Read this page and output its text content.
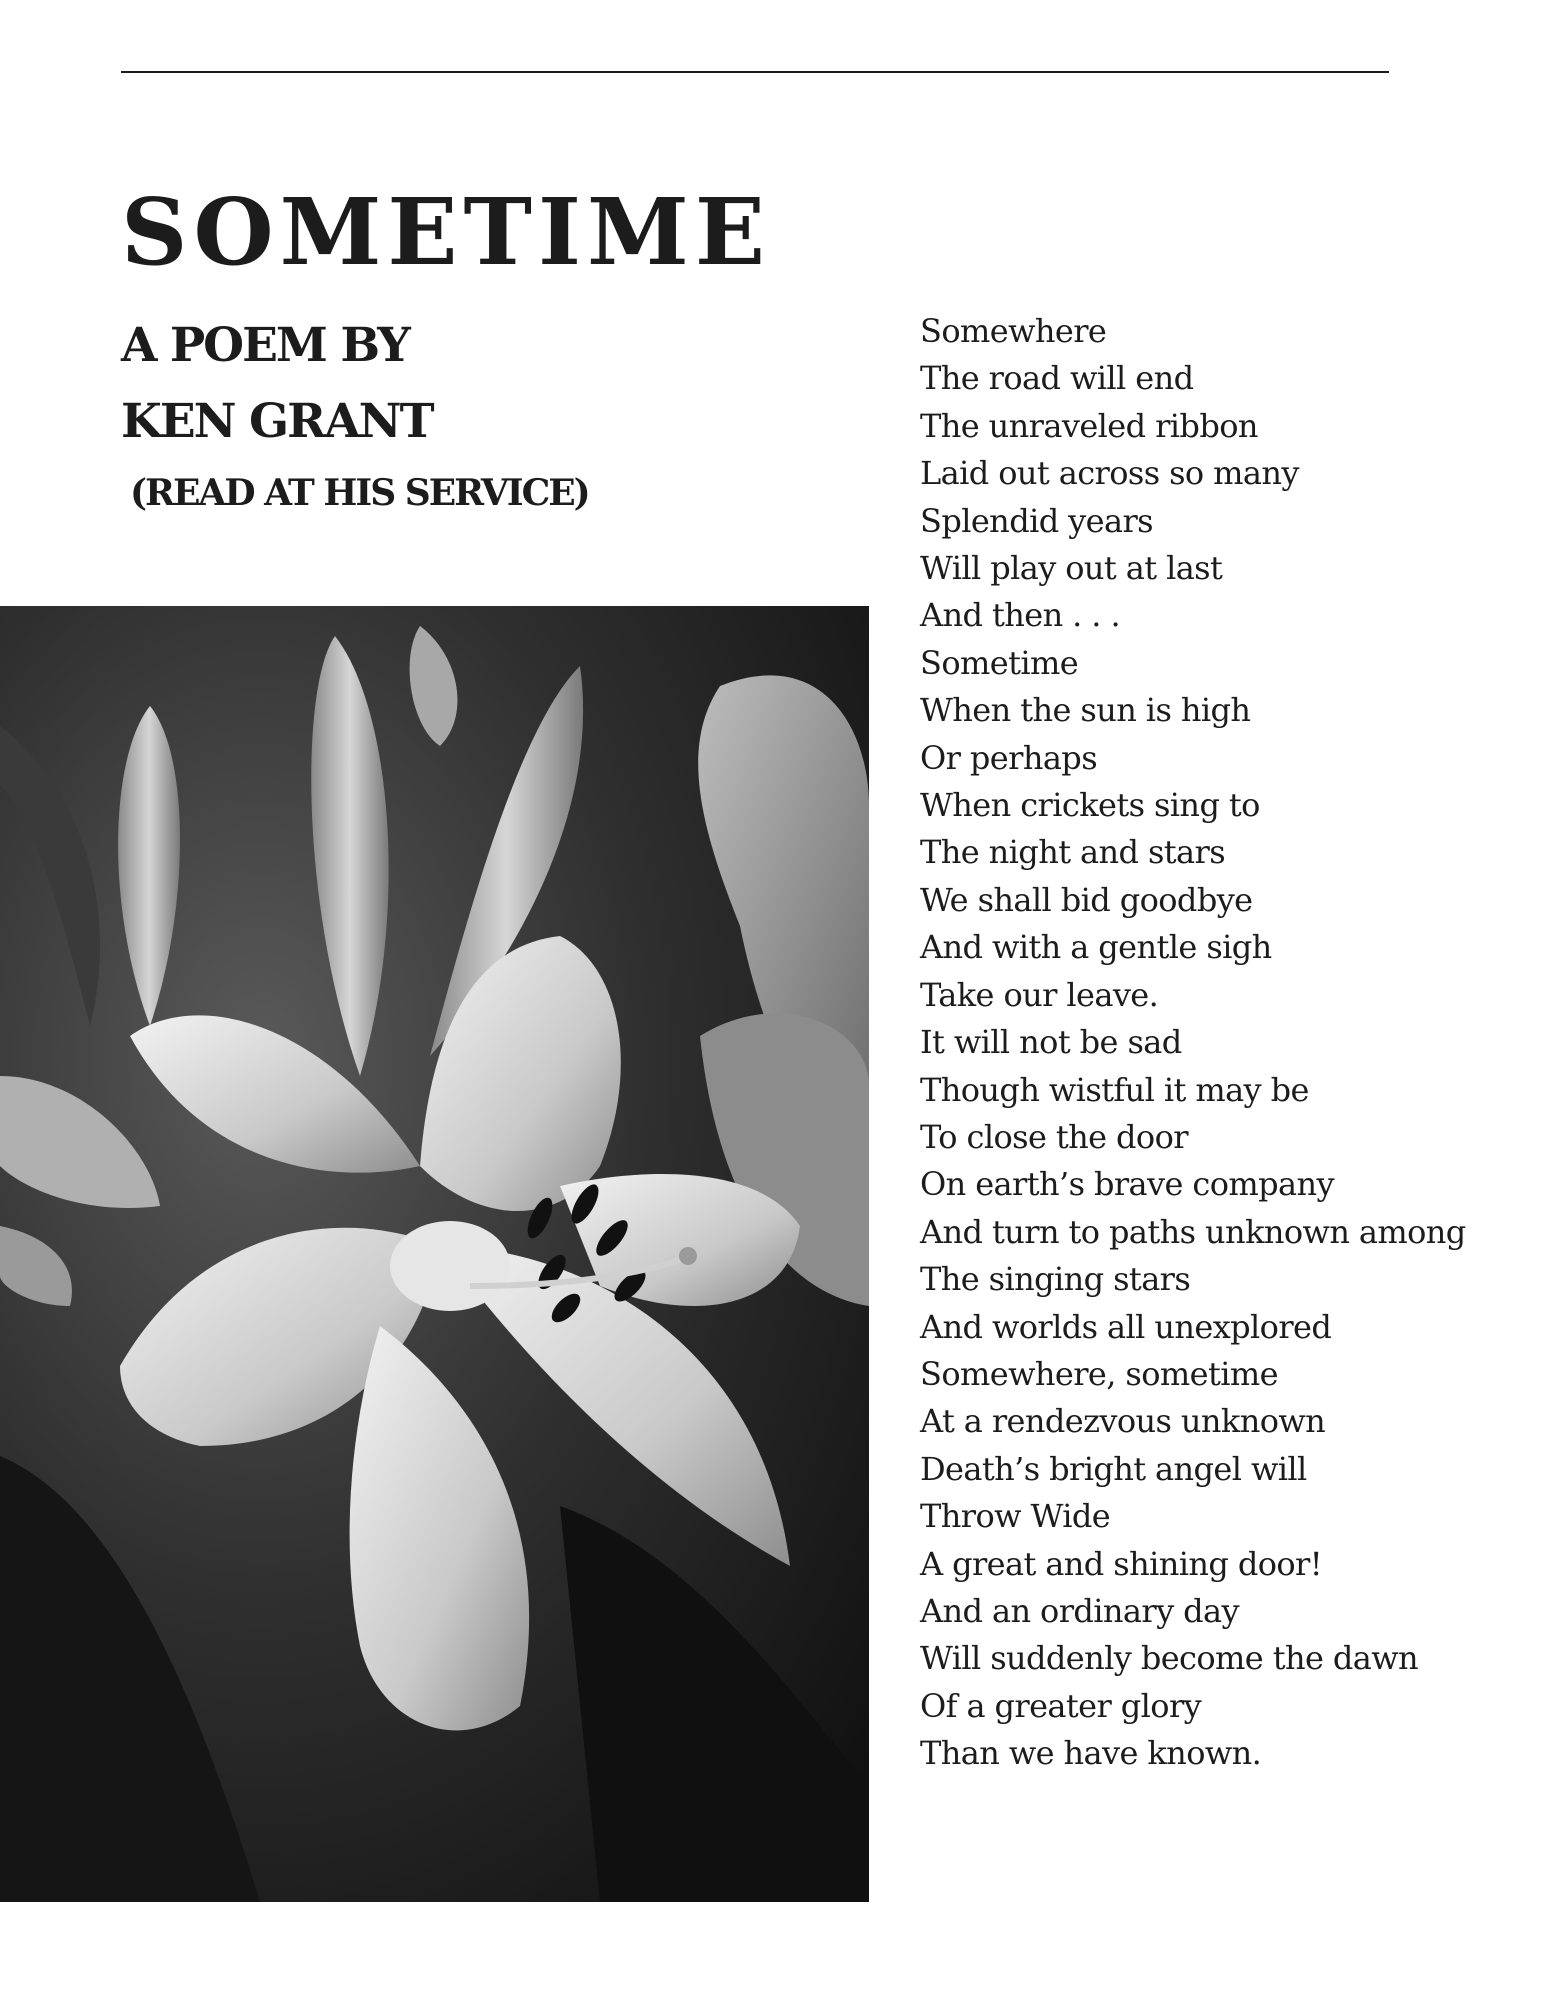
SOMETIME
A POEM BY
KEN GRANT

(READ AT HIS SERVICE)

Somewhere
The road will end
The unraveled ribbon
Laid out across so many
Splendid years
Will play out at last
And then . . .
Sometime
When the sun is high
Or perhaps
When crickets sing to
The night and stars
We shall bid goodbye
And with a gentle sigh
Take our leave.
It will not be sad
Though wistful it may be
To close the door
On earth’s brave company
And turn to paths unknown among
The singing stars
And worlds all unexplored
Somewhere, sometime
At a rendezvous unknown
Death’s bright angel will
Throw Wide
A great and shining door!
And an ordinary day
Will suddenly become the dawn
Of a greater glory
Than we have known.
